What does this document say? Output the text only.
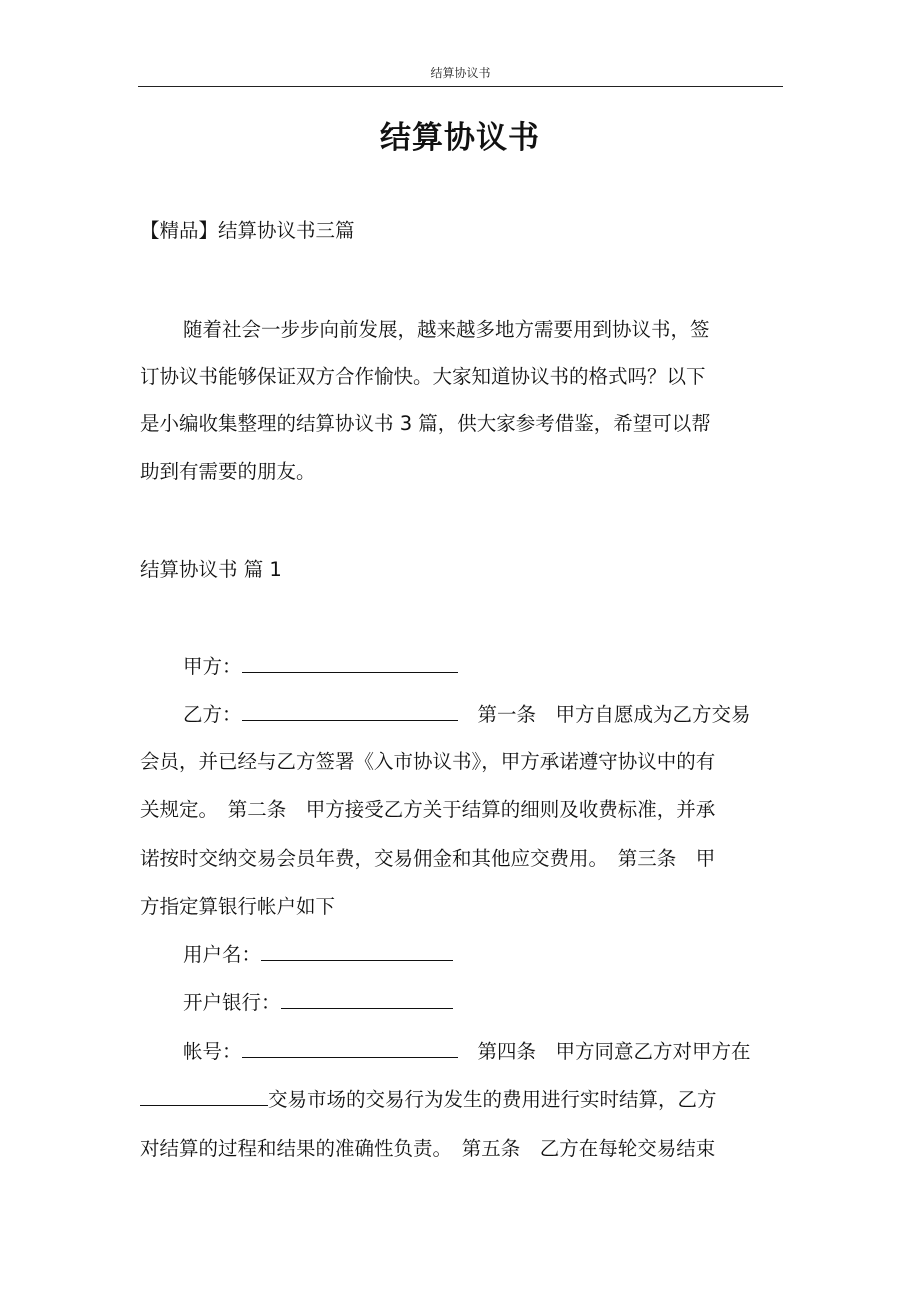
结算协议书
结算协议书
【精品】结算协议书三篇
随着社会一步步向前发展，越来越多地方需要用到协议书，签
订协议书能够保证双方合作愉快。大家知道协议书的格式吗？以下
是小编收集整理的结算协议书 3 篇，供大家参考借鉴，希望可以帮
助到有需要的朋友。
结算协议书 篇 1
甲方：
乙方：	第一条　甲方自愿成为乙方交易
会员，并已经与乙方签署《入市协议书》，甲方承诺遵守协议中的有
关规定。　第二条　甲方接受乙方关于结算的细则及收费标准，并承
诺按时交纳交易会员年费，交易佣金和其他应交费用。　第三条　甲
方指定算银行帐户如下
用户名：
开户银行：
帐号：	第四条　甲方同意乙方对甲方在
交易市场的交易行为发生的费用进行实时结算，乙方
对结算的过程和结果的准确性负责。　第五条　乙方在每轮交易结束
